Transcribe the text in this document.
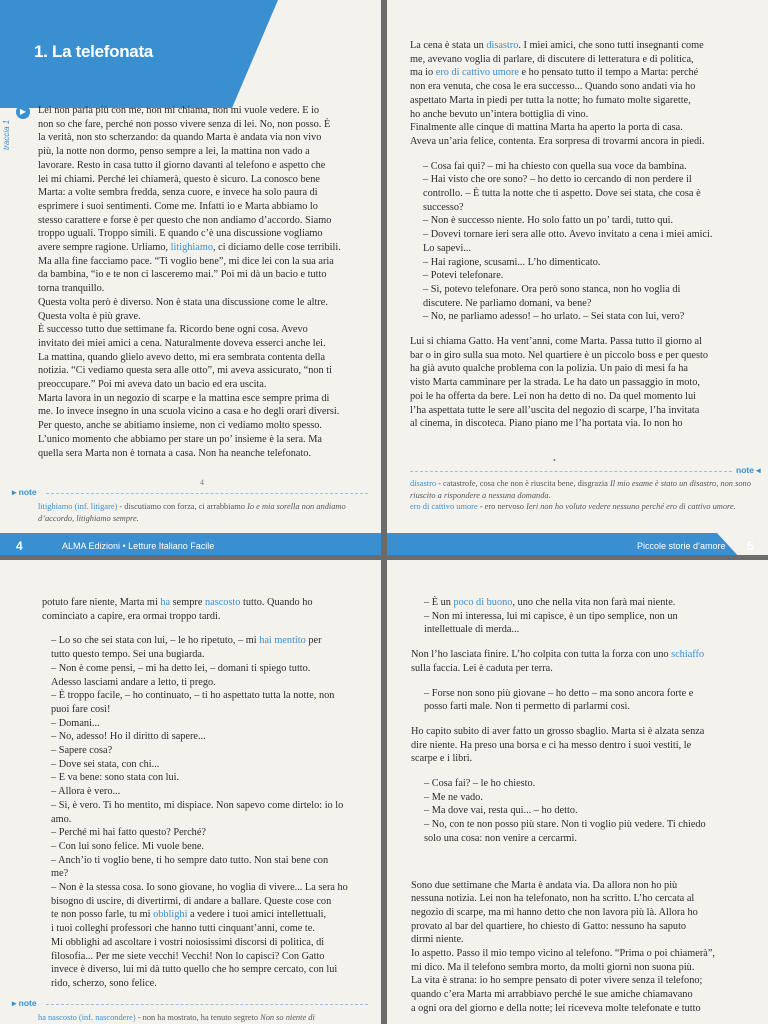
1. La telefonata
▶
traccia 1

Lei non parla più con me, non mi chiama, non mi vuole vedere. E io

non so che fare, perché non posso vivere senza di lei. No, non posso. È

la verità, non sto scherzando: da quando Marta è andata via non vivo

più, la notte non dormo, penso sempre a lei, la mattina non vado a

lavorare. Resto in casa tutto il giorno davanti al telefono e aspetto che

lei mi chiami. Perché lei chiamerà, questo è sicuro. La conosco bene

Marta: a volte sembra fredda, senza cuore, e invece ha solo paura di

esprimere i suoi sentimenti. Come me. Infatti io e Marta abbiamo lo

stesso carattere e forse è per questo che non andiamo d’accordo. Siamo

troppo uguali. Troppo simili. E quando c’è una discussione vogliamo

avere sempre ragione. Urliamo, litighiamo, ci diciamo delle cose terribili.

Ma alla fine facciamo pace. “Ti voglio bene”, mi dice lei con la sua aria

da bambina, “io e te non ci lasceremo mai.” Poi mi dà un bacio e tutto

torna tranquillo.

Questa volta però è diverso. Non è stata una discussione come le altre.

Questa volta è più grave.

È successo tutto due settimane fa. Ricordo bene ogni cosa. Avevo

invitato dei miei amici a cena. Naturalmente doveva esserci anche lei.

La mattina, quando glielo avevo detto, mi era sembrata contenta della

notizia. “Ci vediamo questa sera alle otto”, mi aveva assicurato, “non ti

preoccupare.” Poi mi aveva dato un bacio ed era uscita.

Marta lavora in un negozio di scarpe e la mattina esce sempre prima di

me. Io invece insegno in una scuola vicino a casa e ho degli orari diversi.

Per questo, anche se abitiamo insieme, non ci vediamo molto spesso.

L’unico momento che abbiamo per stare un po’ insieme è la sera. Ma

quella sera Marta non è tornata a casa. Non ha neanche telefonato.

4
▸ note
litighiamo (inf. litigare) - discutiamo con forza, ci arrabbiamo Io e mia sorella non andiamo d’accordo, litighiamo sempre.
4	ALMA Edizioni • Letture Italiano Facile

La cena è stata un disastro. I miei amici, che sono tutti insegnanti come

me, avevano voglia di parlare, di discutere di letteratura e di politica,

ma io ero di cattivo umore e ho pensato tutto il tempo a Marta: perché

non era venuta, che cosa le era successo... Quando sono andati via ho

aspettato Marta in piedi per tutta la notte; ho fumato molte sigarette,

ho anche bevuto un’intera bottiglia di vino.

Finalmente alle cinque di mattina Marta ha aperto la porta di casa.

Aveva un’aria felice, contenta. Era sorpresa di trovarmi ancora in piedi.

– Cosa fai qui? – mi ha chiesto con quella sua voce da bambina.

– Hai visto che ore sono? – ho detto io cercando di non perdere il

controllo. – È tutta la notte che ti aspetto. Dove sei stata, che cosa è

successo?

– Non è successo niente. Ho solo fatto un po’ tardi, tutto qui.

– Dovevi tornare ieri sera alle otto. Avevo invitato a cena i miei amici.

Lo sapevi...

– Hai ragione, scusami... L’ho dimenticato.

– Potevi telefonare.

– Sì, potevo telefonare. Ora però sono stanca, non ho voglia di

discutere. Ne parliamo domani, va bene?

– No, ne parliamo adesso! – ho urlato. – Sei stata con lui, vero?

Lui si chiama Gatto. Ha vent’anni, come Marta. Passa tutto il giorno al

bar o in giro sulla sua moto. Nel quartiere è un piccolo boss e per questo

ha già avuto qualche problema con la polizia. Un paio di mesi fa ha

visto Marta camminare per la strada. Le ha dato un passaggio in moto,

poi le ha offerta da bere. Lei non ha detto di no. Da quel momento lui

l’ha aspettata tutte le sere all’uscita del negozio di scarpe, l’ha invitata

al cinema, in discoteca. Piano piano me l’ha portata via. Io non ho

•
note ◂
disastro - catastrofe, cosa che non è riuscita bene, disgrazia Il mio esame è stato un disastro, non sono riuscito a rispondere a nessuna domanda.
ero di cattivo umore - ero nervoso Ieri non ho voluto vedere nessuno perché ero di cattivo umore.
Piccole storie d’amore 5

potuto fare niente, Marta mi ha sempre nascosto tutto. Quando ho

cominciato a capire, era ormai troppo tardi.

– Lo so che sei stata con lui, – le ho ripetuto, – mi hai mentito per

tutto questo tempo. Sei una bugiarda.

– Non è come pensi, – mi ha detto lei, – domani ti spiego tutto.

Adesso lasciami andare a letto, ti prego.

– È troppo facile, – ho continuato, – ti ho aspettato tutta la notte, non

puoi fare così!

– Domani...

– No, adesso! Ho il diritto di sapere...

– Sapere cosa?

– Dove sei stata, con chi...

– E va bene: sono stata con lui.

– Allora è vero...

– Sì, è vero. Ti ho mentito, mi dispiace. Non sapevo come dirtelo: io lo

amo.

– Perché mi hai fatto questo? Perché?

– Con lui sono felice. Mi vuole bene.

– Anch’io ti voglio bene, ti ho sempre dato tutto. Non stai bene con

me?

– Non è la stessa cosa. Io sono giovane, ho voglia di vivere... La sera ho

bisogno di uscire, di divertirmi, di andare a ballare. Queste cose con

te non posso farle, tu mi obblighi a vedere i tuoi amici intellettuali,

i tuoi colleghi professori che hanno tutti cinquant’anni, come te.

Mi obblighi ad ascoltare i vostri noiosissimi discorsi di politica, di

filosofia... Per me siete vecchi! Vecchi! Non lo capisci? Con Gatto

invece è diverso, lui mi dà tutto quello che ho sempre cercato, con lui

rido, scherzo, sono felice.

▸ note
ha nascosto (inf. nascondere) - non ha mostrato, ha tenuto segreto Non so niente di

– È un poco di buono, uno che nella vita non farà mai niente.

– Non mi interessa, lui mi capisce, è un tipo semplice, non un

intellettuale di merda...

Non l’ho lasciata finire. L’ho colpita con tutta la forza con uno schiaffo

sulla faccia. Lei è caduta per terra.

– Forse non sono più giovane – ho detto – ma sono ancora forte e

posso farti male. Non ti permetto di parlarmi così.

Ho capito subito di aver fatto un grosso sbaglio. Marta si è alzata senza

dire niente. Ha preso una borsa e ci ha messo dentro i suoi vestiti, le

scarpe e i libri.

– Cosa fai? – le ho chiesto.

– Me ne vado.

– Ma dove vai, resta qui... – ho detto.

– No, con te non posso più stare. Non ti voglio più vedere. Ti chiedo

solo una cosa: non venire a cercarmi.

Sono due settimane che Marta è andata via. Da allora non ho più

nessuna notizia. Lei non ha telefonato, non ha scritto. L’ho cercata al

negozio di scarpe, ma mi hanno detto che non lavora più là. Allora ho

provato al bar del quartiere, ho chiesto di Gatto: nessuno ha saputo

dirmi niente.

Io aspetto. Passo il mio tempo vicino al telefono. “Prima o poi chiamerà”,

mi dico. Ma il telefono sembra morto, da molti giorni non suona più.

La vita è strana: io ho sempre pensato di poter vivere senza il telefono;

quando c’era Marta mi arrabbiavo perché le sue amiche chiamavano

a ogni ora del giorno e della notte; lei riceveva molte telefonate e tutto
